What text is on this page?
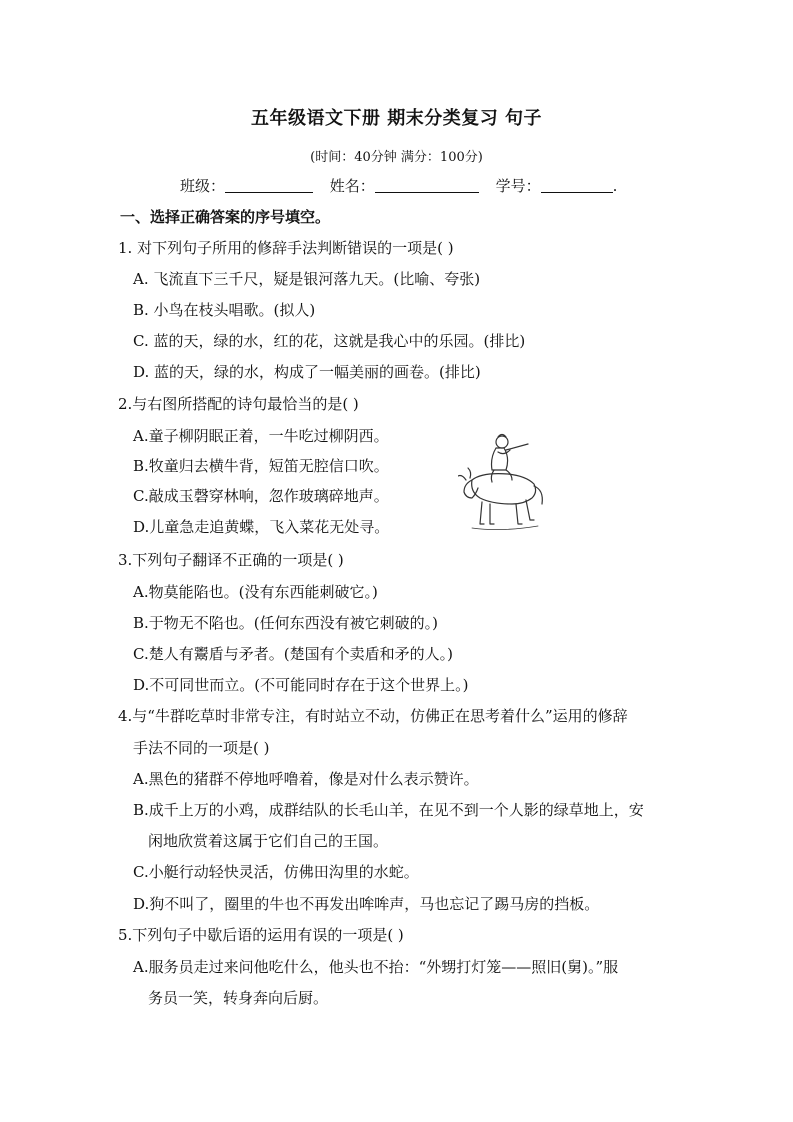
五年级语文下册 期末分类复习 句子
(时间：40分钟 满分：100分)
班级：	姓名：	学号：	.
一、选择正确答案的序号填空。
1. 对下列句子所用的修辞手法判断错误的一项是( )
A. 飞流直下三千尺，疑是银河落九天。(比喻、夸张)
B. 小鸟在枝头唱歌。(拟人)
C. 蓝的天，绿的水，红的花，这就是我心中的乐园。(排比)
D. 蓝的天，绿的水，构成了一幅美丽的画卷。(排比)
2.与右图所搭配的诗句最恰当的是( )
A.童子柳阴眠正着，一牛吃过柳阴西。
B.牧童归去横牛背，短笛无腔信口吹。
C.敲成玉磬穿林响，忽作玻璃碎地声。
D.儿童急走追黄蝶，飞入菜花无处寻。
3.下列句子翻译不正确的一项是( )
A.物莫能陷也。(没有东西能刺破它。)
B.于物无不陷也。(任何东西没有被它刺破的。)
C.楚人有鬻盾与矛者。(楚国有个卖盾和矛的人。)
D.不可同世而立。(不可能同时存在于这个世界上。)
4.与“牛群吃草时非常专注，有时站立不动，仿佛正在思考着什么”运用的修辞
手法不同的一项是( )
A.黑色的猪群不停地呼噜着，像是对什么表示赞许。
B.成千上万的小鸡，成群结队的长毛山羊，在见不到一个人影的绿草地上，安
闲地欣赏着这属于它们自己的王国。
C.小艇行动轻快灵活，仿佛田沟里的水蛇。
D.狗不叫了，圈里的牛也不再发出哞哞声，马也忘记了踢马房的挡板。
5.下列句子中歇后语的运用有误的一项是( )
A.服务员走过来问他吃什么，他头也不抬：“外甥打灯笼——照旧(舅)。”服
务员一笑，转身奔向后厨。
